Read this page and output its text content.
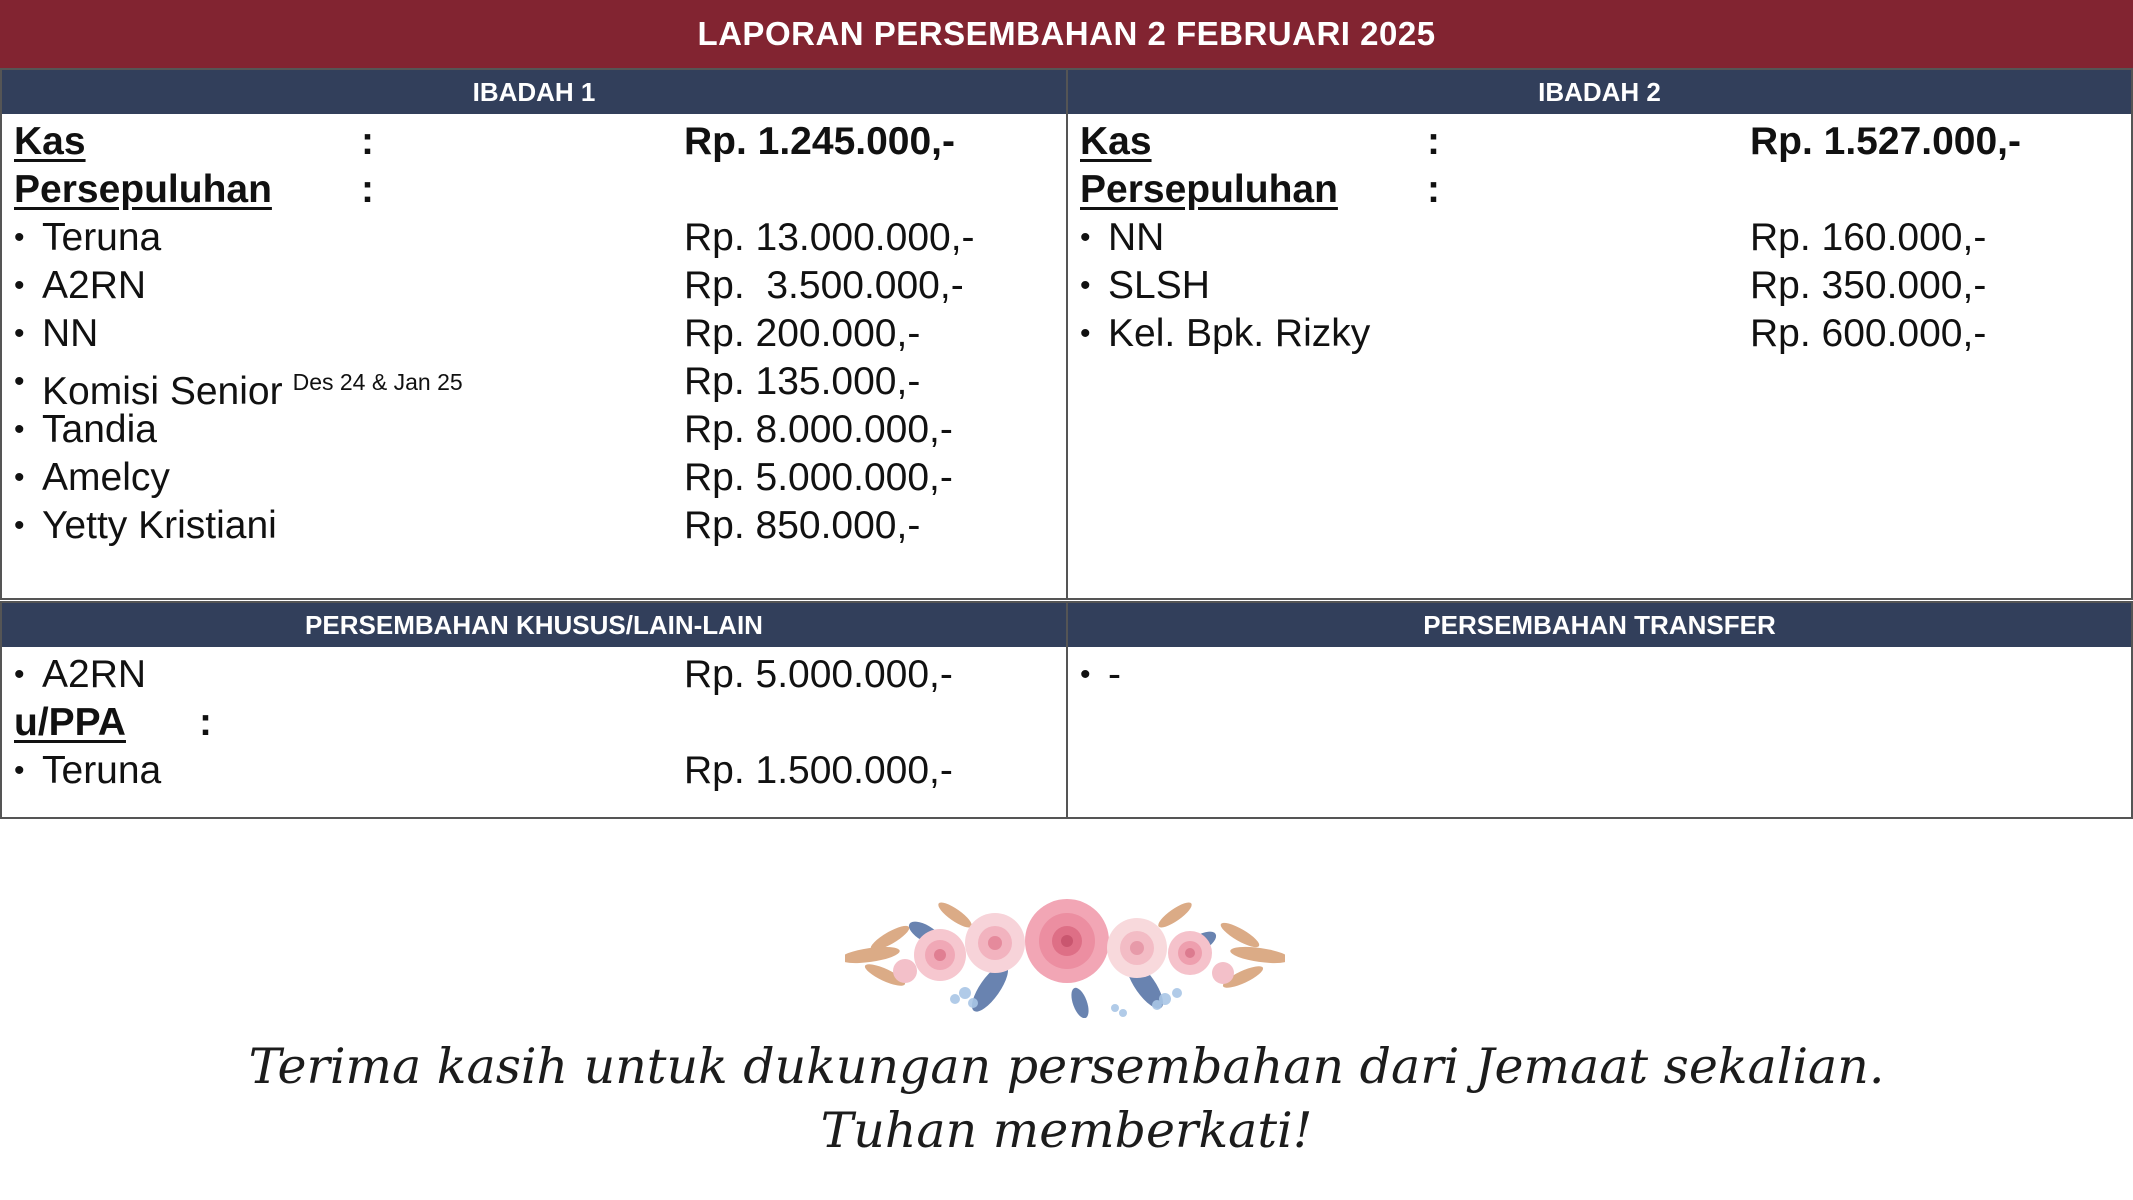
LAPORAN PERSEMBAHAN 2 FEBRUARI 2025
IBADAH 1
Kas	:	Rp. 1.245.000,-
Persepuluhan :
• Teruna	Rp. 13.000.000,-
• A2RN	Rp.  3.500.000,-
• NN	Rp. 200.000,-
• Komisi Senior $^{Des 24 \& Jan 25}$	Rp. 135.000,-
• Tandia	Rp. 8.000.000,-
• Amelcy	Rp. 5.000.000,-
• Yetty Kristiani	Rp. 850.000,-
IBADAH 2
Kas	:	Rp. 1.527.000,-
Persepuluhan :
• NN	Rp. 160.000,-
• SLSH	Rp. 350.000,-
• Kel. Bpk. Rizky	Rp. 600.000,-
PERSEMBAHAN KHUSUS/LAIN-LAIN
• A2RN	Rp. 5.000.000,-
u/PPA :
• Teruna	Rp. 1.500.000,-
PERSEMBAHAN TRANSFER
• -
Terima kasih untuk dukungan persembahan dari Jemaat sekalian.
Tuhan memberkati!
